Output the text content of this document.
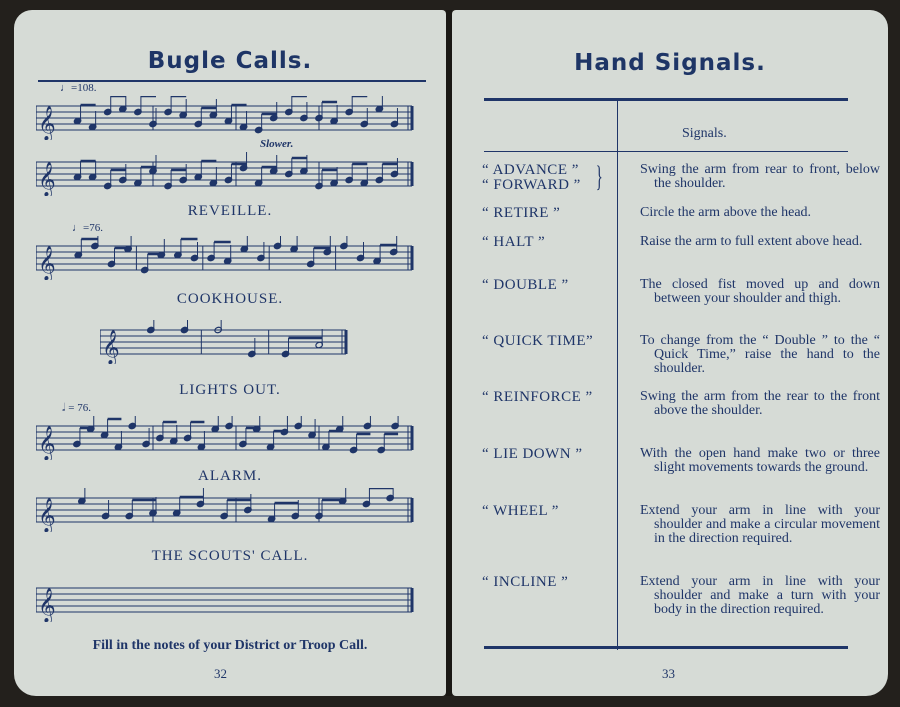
Bugle Calls.
♩=108.
𝄞
Slower.
𝄞
REVEILLE.
♩=76.
𝄞
COOKHOUSE.
𝄞
LIGHTS OUT.
𝅗𝅥 = 76.
𝄞
ALARM.
𝄞
THE SCOUTS' CALL.
𝄞
Fill in the notes of your District or Troop Call.
32
Hand Signals.
Signals.
“ ADVANCE ”
“ FORWARD ” }	Swing the arm from rear to front, below the shoulder.
“ RETIRE ”	Circle the arm above the head.
“ HALT ”	Raise the arm to full extent above head.
“ DOUBLE ”	The closed fist moved up and down between your shoulder and thigh.
“ QUICK TIME”	To change from the “ Double ” to the “ Quick Time,” raise the hand to the shoulder.
“ REINFORCE ”	Swing the arm from the rear to the front above the shoulder.
“ LIE DOWN ”	With the open hand make two or three slight movements towards the ground.
“ WHEEL ”	Extend your arm in line with your shoulder and make a circular movement in the direction required.
“ INCLINE ”	Extend your arm in line with your shoulder and make a turn with your body in the direction required.
33
